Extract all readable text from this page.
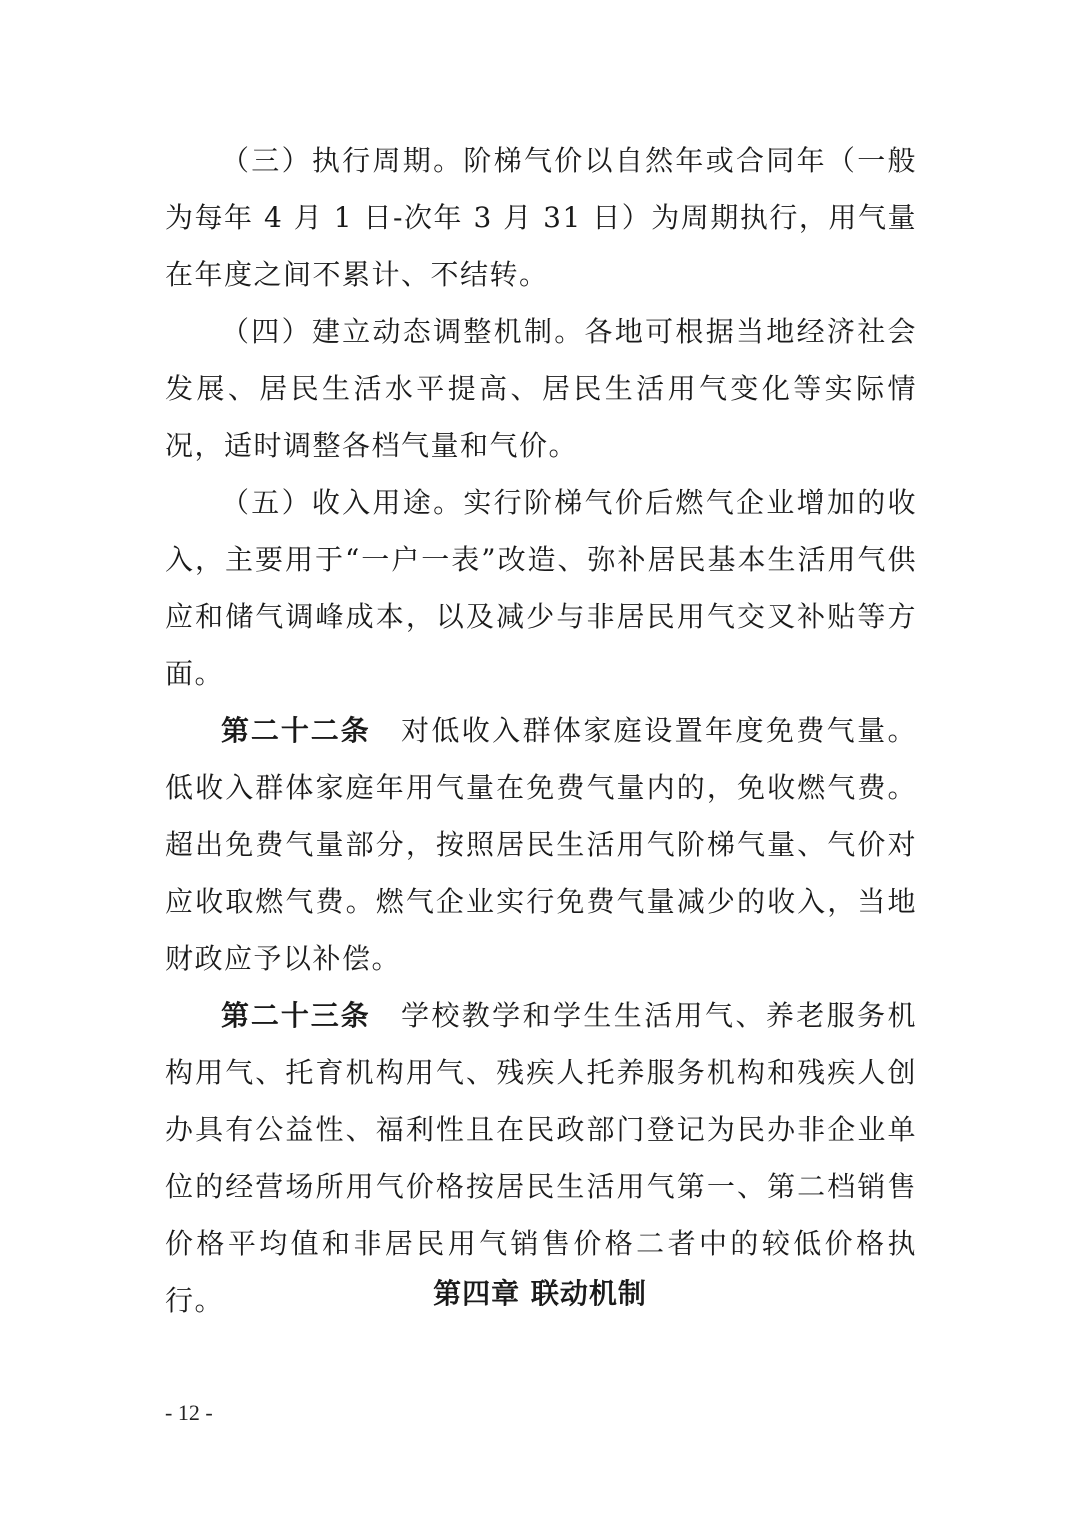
（三）执行周期。阶梯气价以自然年或合同年（一般为每年 4 月 1 日-次年 3 月 31 日）为周期执行，用气量在年度之间不累计、不结转。

（四）建立动态调整机制。各地可根据当地经济社会发展、居民生活水平提高、居民生活用气变化等实际情况，适时调整各档气量和气价。

（五）收入用途。实行阶梯气价后燃气企业增加的收入，主要用于“一户一表”改造、弥补居民基本生活用气供应和储气调峰成本，以及减少与非居民用气交叉补贴等方面。

第二十二条  对低收入群体家庭设置年度免费气量。低收入群体家庭年用气量在免费气量内的，免收燃气费。超出免费气量部分，按照居民生活用气阶梯气量、气价对应收取燃气费。燃气企业实行免费气量减少的收入，当地财政应予以补偿。

第二十三条  学校教学和学生生活用气、养老服务机构用气、托育机构用气、残疾人托养服务机构和残疾人创办具有公益性、福利性且在民政部门登记为民办非企业单位的经营场所用气价格按居民生活用气第一、第二档销售价格平均值和非居民用气销售价格二者中的较低价格执行。	第四章 联动机制
- 12 -
